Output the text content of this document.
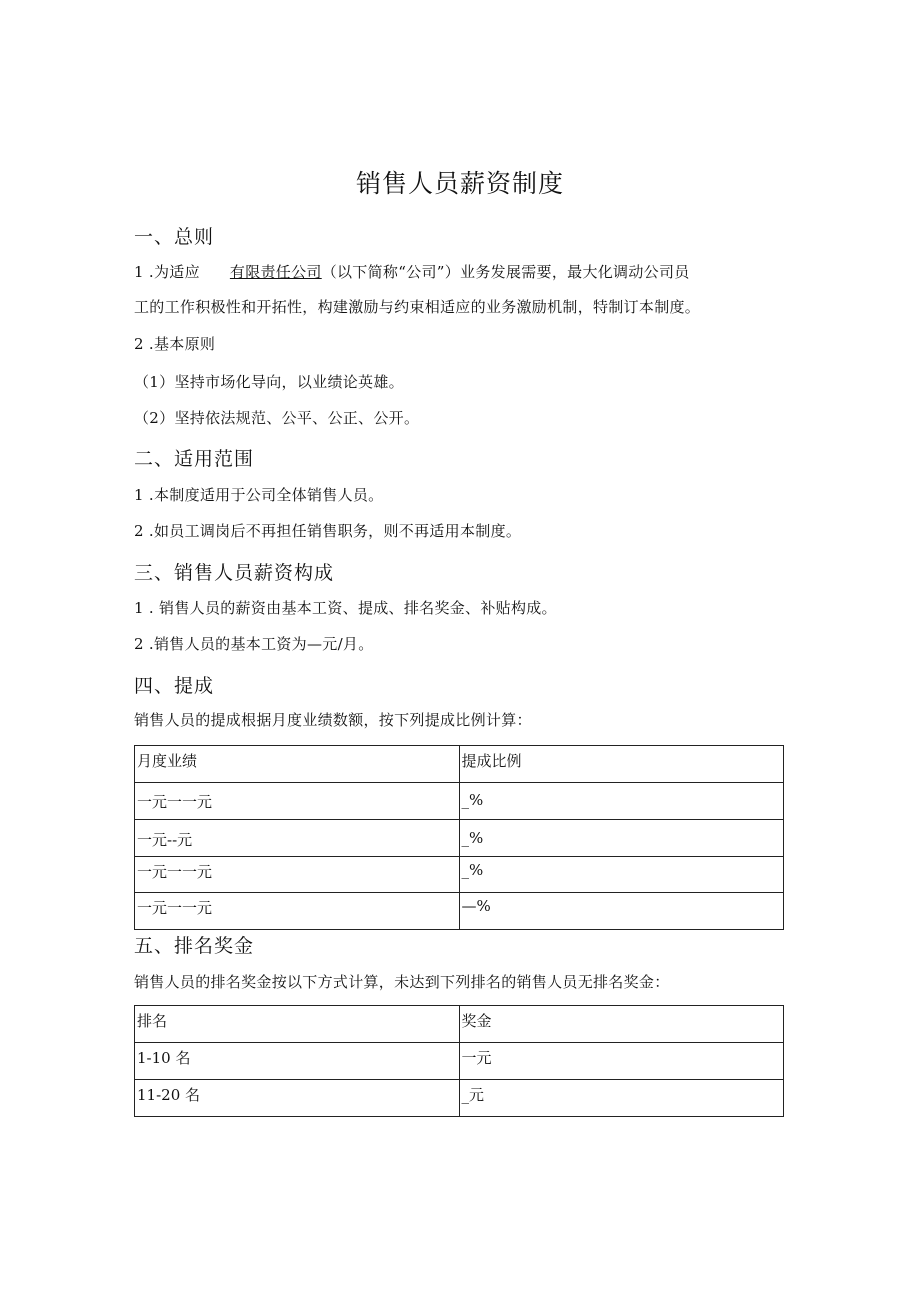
销售人员薪资制度
一、总则
1 .为适应 有限责任公司（以下简称“公司”）业务发展需要，最大化调动公司员
工的工作积极性和开拓性，构建激励与约束相适应的业务激励机制，特制订本制度。
2 .基本原则
（1）坚持市场化导向，以业绩论英雄。
（2）坚持依法规范、公平、公正、公开。
二、适用范围
1 .本制度适用于公司全体销售人员。
2 .如员工调岗后不再担任销售职务，则不再适用本制度。
三、销售人员薪资构成
1 . 销售人员的薪资由基本工资、提成、排名奖金、补贴构成。
2 .销售人员的基本工资为—元/月。
四、提成
销售人员的提成根据月度业绩数额，按下列提成比例计算：
月度业绩	提成比例
一元一一元	_%
一元--元	_%
一元一一元	_%
一元一一元	—%
五、排名奖金
销售人员的排名奖金按以下方式计算，未达到下列排名的销售人员无排名奖金：
排名	奖金
1-10 名	一元
11-20 名	_元
